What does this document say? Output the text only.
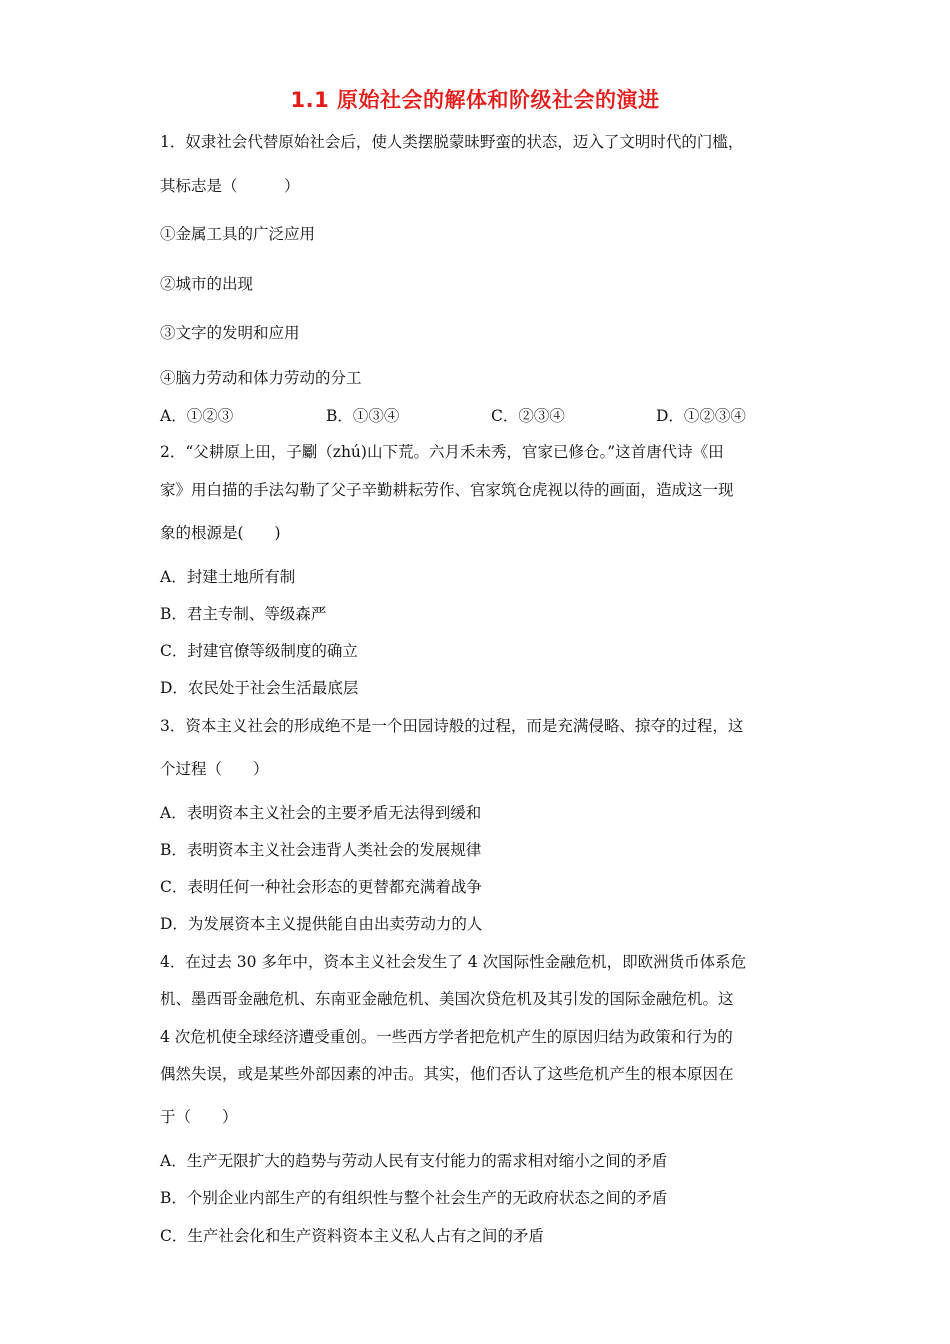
1.1 原始社会的解体和阶级社会的演进
1．奴隶社会代替原始社会后，使人类摆脱蒙昧野蛮的状态，迈入了文明时代的门槛，
其标志是（　　　）
①金属工具的广泛应用
②城市的出现
③文字的发明和应用
④脑力劳动和体力劳动的分工
A．①②③	B．①③④	C．②③④	D．①②③④
2．“父耕原上田，子劚（zhú)山下荒。六月禾未秀，官家已修仓。”这首唐代诗《田
家》用白描的手法勾勒了父子辛勤耕耘劳作、官家筑仓虎视以待的画面，造成这一现
象的根源是(　　)
A．封建土地所有制
B．君主专制、等级森严
C．封建官僚等级制度的确立
D．农民处于社会生活最底层
3．资本主义社会的形成绝不是一个田园诗般的过程，而是充满侵略、掠夺的过程，这
个过程（　　）
A．表明资本主义社会的主要矛盾无法得到缓和
B．表明资本主义社会违背人类社会的发展规律
C．表明任何一种社会形态的更替都充满着战争
D．为发展资本主义提供能自由出卖劳动力的人
4．在过去 30 多年中，资本主义社会发生了 4 次国际性金融危机，即欧洲货币体系危
机、墨西哥金融危机、东南亚金融危机、美国次贷危机及其引发的国际金融危机。这
4 次危机使全球经济遭受重创。一些西方学者把危机产生的原因归结为政策和行为的
偶然失误，或是某些外部因素的冲击。其实，他们否认了这些危机产生的根本原因在
于（　　）
A．生产无限扩大的趋势与劳动人民有支付能力的需求相对缩小之间的矛盾
B．个别企业内部生产的有组织性与整个社会生产的无政府状态之间的矛盾
C．生产社会化和生产资料资本主义私人占有之间的矛盾
